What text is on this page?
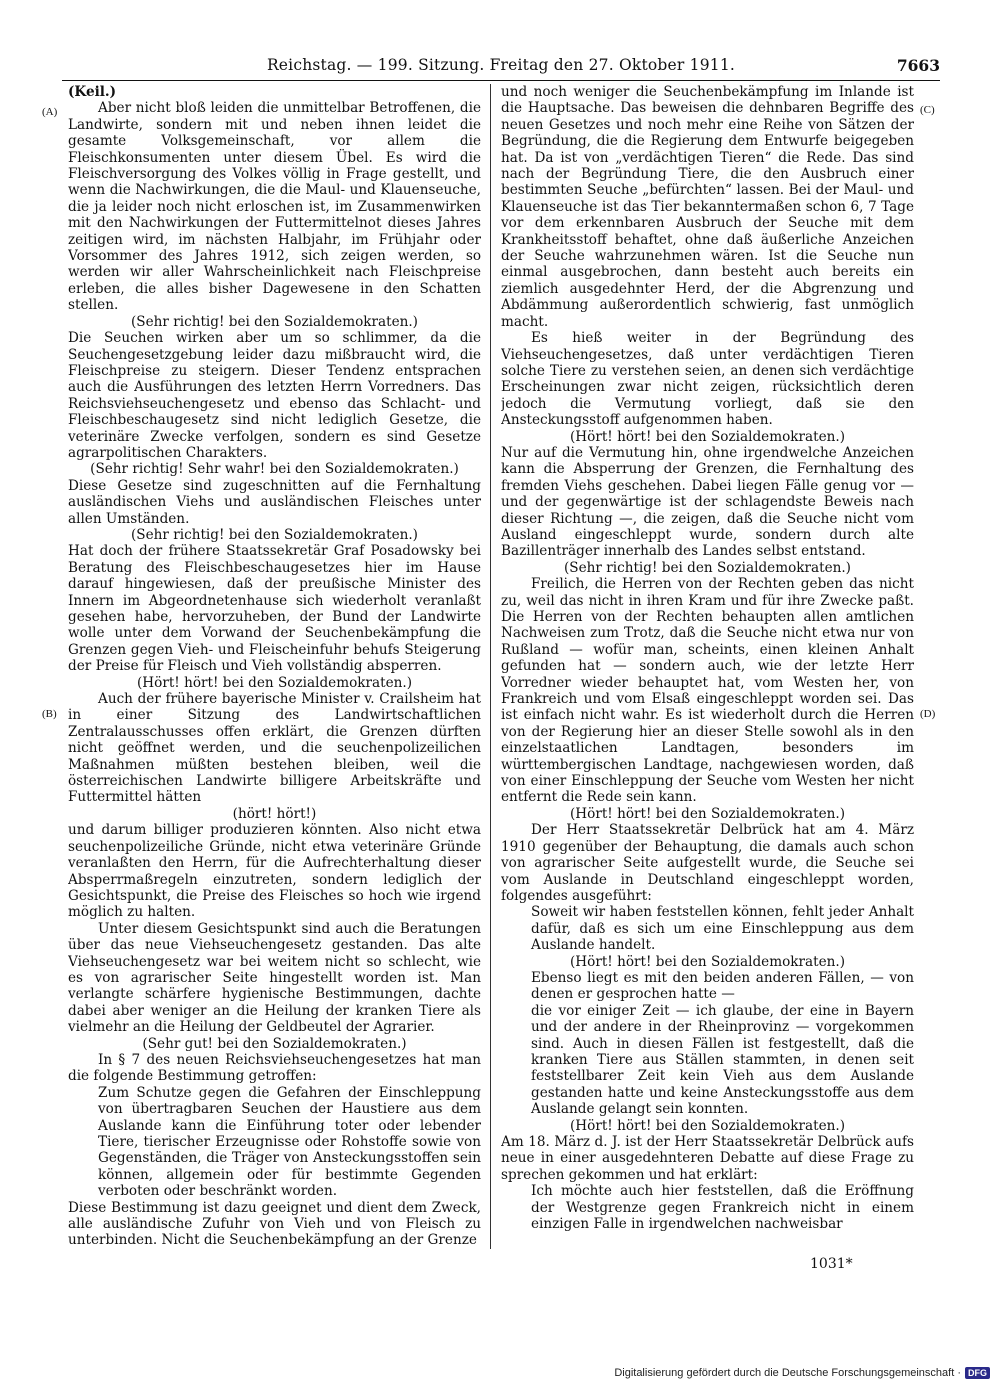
Reichstag. — 199. Sitzung. Freitag den 27. Oktober 1911.	7663
(A)
(B)
(C)
(D)

(Keil.)

Aber nicht bloß leiden die unmittelbar Betroffenen, die Landwirte, sondern mit und neben ihnen leidet die gesamte Volksgemeinschaft, vor allem die Fleischkonsumenten unter diesem Übel. Es wird die Fleischversorgung des Volkes völlig in Frage gestellt, und wenn die Nachwirkungen, die die Maul- und Klauenseuche, die ja leider noch nicht erloschen ist, im Zusammenwirken mit den Nachwirkungen der Futtermittelnot dieses Jahres zeitigen wird, im nächsten Halbjahr, im Frühjahr oder Vorsommer des Jahres 1912, sich zeigen werden, so werden wir aller Wahrscheinlichkeit nach Fleischpreise erleben, die alles bisher Dagewesene in den Schatten stellen.

(Sehr richtig! bei den Sozialdemokraten.)

Die Seuchen wirken aber um so schlimmer, da die Seuchengesetzgebung leider dazu mißbraucht wird, die Fleischpreise zu steigern. Dieser Tendenz entsprachen auch die Ausführungen des letzten Herrn Vorredners. Das Reichsviehseuchengesetz und ebenso das Schlacht- und Fleischbeschaugesetz sind nicht lediglich Gesetze, die veterinäre Zwecke verfolgen, sondern es sind Gesetze agrarpolitischen Charakters.

(Sehr richtig! Sehr wahr! bei den Sozialdemokraten.)

Diese Gesetze sind zugeschnitten auf die Fernhaltung ausländischen Viehs und ausländischen Fleisches unter allen Umständen.

(Sehr richtig! bei den Sozialdemokraten.)

Hat doch der frühere Staatssekretär Graf Posadowsky bei Beratung des Fleischbeschaugesetzes hier im Hause darauf hingewiesen, daß der preußische Minister des Innern im Abgeordnetenhause sich wiederholt veranlaßt gesehen habe, hervorzuheben, der Bund der Landwirte wolle unter dem Vorwand der Seuchenbekämpfung die Grenzen gegen Vieh- und Fleischeinfuhr behufs Steigerung der Preise für Fleisch und Vieh vollständig absperren.

(Hört! hört! bei den Sozialdemokraten.)

Auch der frühere bayerische Minister v. Crailsheim hat in einer Sitzung des Landwirtschaftlichen Zentralausschusses offen erklärt, die Grenzen dürften nicht geöffnet werden, und die seuchenpolizeilichen Maßnahmen müßten bestehen bleiben, weil die österreichischen Landwirte billigere Arbeitskräfte und Futtermittel hätten

(hört! hört!)

und darum billiger produzieren könnten. Also nicht etwa seuchenpolizeiliche Gründe, nicht etwa veterinäre Gründe veranlaßten den Herrn, für die Aufrechterhaltung dieser Absperrmaßregeln einzutreten, sondern lediglich der Gesichtspunkt, die Preise des Fleisches so hoch wie irgend möglich zu halten.

Unter diesem Gesichtspunkt sind auch die Beratungen über das neue Viehseuchengesetz gestanden. Das alte Viehseuchengesetz war bei weitem nicht so schlecht, wie es von agrarischer Seite hingestellt worden ist. Man verlangte schärfere hygienische Bestimmungen, dachte dabei aber weniger an die Heilung der kranken Tiere als vielmehr an die Heilung der Geldbeutel der Agrarier.

(Sehr gut! bei den Sozialdemokraten.)

In § 7 des neuen Reichsviehseuchengesetzes hat man die folgende Bestimmung getroffen:

Zum Schutze gegen die Gefahren der Einschleppung von übertragbaren Seuchen der Haustiere aus dem Auslande kann die Einführung toter oder lebender Tiere, tierischer Erzeugnisse oder Rohstoffe sowie von Gegenständen, die Träger von Ansteckungsstoffen sein können, allgemein oder für bestimmte Gegenden verboten oder beschränkt worden.

Diese Bestimmung ist dazu geeignet und dient dem Zweck, alle ausländische Zufuhr von Vieh und von Fleisch zu unterbinden. Nicht die Seuchenbekämpfung an der Grenze

und noch weniger die Seuchenbekämpfung im Inlande ist die Hauptsache. Das beweisen die dehnbaren Begriffe des neuen Gesetzes und noch mehr eine Reihe von Sätzen der Begründung, die die Regierung dem Entwurfe beigegeben hat. Da ist von „verdächtigen Tieren“ die Rede. Das sind nach der Begründung Tiere, die den Ausbruch einer bestimmten Seuche „befürchten“ lassen. Bei der Maul- und Klauenseuche ist das Tier bekanntermaßen schon 6, 7 Tage vor dem erkennbaren Ausbruch der Seuche mit dem Krankheitsstoff behaftet, ohne daß äußerliche Anzeichen der Seuche wahrzunehmen wären. Ist die Seuche nun einmal ausgebrochen, dann besteht auch bereits ein ziemlich ausgedehnter Herd, der die Abgrenzung und Abdämmung außerordentlich schwierig, fast unmöglich macht.

Es hieß weiter in der Begründung des Viehseuchengesetzes, daß unter verdächtigen Tieren solche Tiere zu verstehen seien, an denen sich verdächtige Erscheinungen zwar nicht zeigen, rücksichtlich deren jedoch die Vermutung vorliegt, daß sie den Ansteckungsstoff aufgenommen haben.

(Hört! hört! bei den Sozialdemokraten.)

Nur auf die Vermutung hin, ohne irgendwelche Anzeichen kann die Absperrung der Grenzen, die Fernhaltung des fremden Viehs geschehen. Dabei liegen Fälle genug vor — und der gegenwärtige ist der schlagendste Beweis nach dieser Richtung —, die zeigen, daß die Seuche nicht vom Ausland eingeschleppt wurde, sondern durch alte Bazillenträger innerhalb des Landes selbst entstand.

(Sehr richtig! bei den Sozialdemokraten.)

Freilich, die Herren von der Rechten geben das nicht zu, weil das nicht in ihren Kram und für ihre Zwecke paßt. Die Herren von der Rechten behaupten allen amtlichen Nachweisen zum Trotz, daß die Seuche nicht etwa nur von Rußland — wofür man, scheints, einen kleinen Anhalt gefunden hat — sondern auch, wie der letzte Herr Vorredner wieder behauptet hat, vom Westen her, von Frankreich und vom Elsaß eingeschleppt worden sei. Das ist einfach nicht wahr. Es ist wiederholt durch die Herren von der Regierung hier an dieser Stelle sowohl als in den einzelstaatlichen Landtagen, besonders im württembergischen Landtage, nachgewiesen worden, daß von einer Einschleppung der Seuche vom Westen her nicht entfernt die Rede sein kann.

(Hört! hört! bei den Sozialdemokraten.)

Der Herr Staatssekretär Delbrück hat am 4. März 1910 gegenüber der Behauptung, die damals auch schon von agrarischer Seite aufgestellt wurde, die Seuche sei vom Auslande in Deutschland eingeschleppt worden, folgendes ausgeführt:

Soweit wir haben feststellen können, fehlt jeder Anhalt dafür, daß es sich um eine Einschleppung aus dem Auslande handelt.

(Hört! hört! bei den Sozialdemokraten.)

Ebenso liegt es mit den beiden anderen Fällen, — von denen er gesprochen hatte —

die vor einiger Zeit — ich glaube, der eine in Bayern und der andere in der Rheinprovinz — vorgekommen sind. Auch in diesen Fällen ist festgestellt, daß die kranken Tiere aus Ställen stammten, in denen seit feststellbarer Zeit kein Vieh aus dem Auslande gestanden hatte und keine Ansteckungsstoffe aus dem Auslande gelangt sein konnten.

(Hört! hört! bei den Sozialdemokraten.)

Am 18. März d. J. ist der Herr Staatssekretär Delbrück aufs neue in einer ausgedehnteren Debatte auf diese Frage zu sprechen gekommen und hat erklärt:

Ich möchte auch hier feststellen, daß die Eröffnung der Westgrenze gegen Frankreich nicht in einem einzigen Falle in irgendwelchen nachweisbar

1031*
Digitalisierung gefördert durch die Deutsche Forschungsgemeinschaft · DFG
